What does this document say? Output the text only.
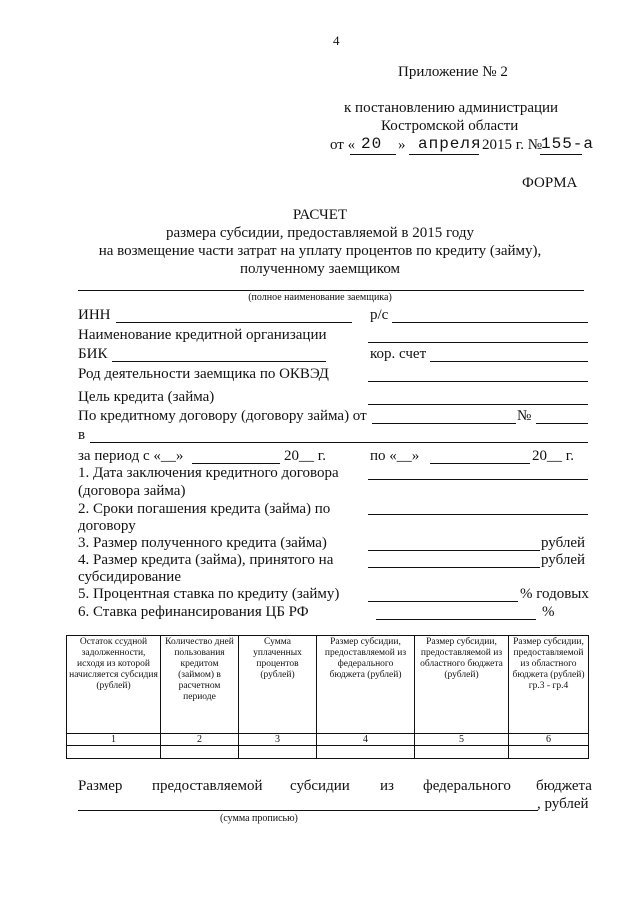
4
Приложение № 2
к постановлению администрации
Костромской области
от « 20 » апреля 2015 г. №
155-а
ФОРМА
РАСЧЕТ
размера субсидии, предоставляемой в 2015 году
на возмещение части затрат на уплату процентов по кредиту (займу),
полученному заемщиком
(полное наименование заемщика)
ИНН	р/с
Наименование кредитной организации
БИК	кор. счет
Род деятельности заемщика по ОКВЭД
Цель кредита (займа)
По кредитному договору (договору займа) от	№
в
за период с «__»	20__ г.	по «__»	20__ г.
1. Дата заключения кредитного договора
(договора займа)
2. Сроки погашения кредита (займа) по
договору
3. Размер полученного кредита (займа)	рублей
4. Размер кредита (займа), принятого на
субсидирование
рублей
5. Процентная ставка по кредиту (займу)	% годовых
6. Ставка рефинансирования ЦБ РФ	%
Остаток ссудной задолженности, исходя из которой начисляется субсидия (рублей)	Количество дней пользования кредитом (займом) в расчетном периоде	Сумма уплаченных процентов (рублей)	Размер субсидии, предоставляемой из федерального бюджета (рублей)	Размер субсидии, предоставляемой из областного бюджета (рублей)	Размер субсидии, предоставляемой из областного бюджета (рублей) гр.3 - гр.4
1	2	3	4	5	6

Размер предоставляемой субсидии из федерального бюджета
, рублей
(сумма прописью)
